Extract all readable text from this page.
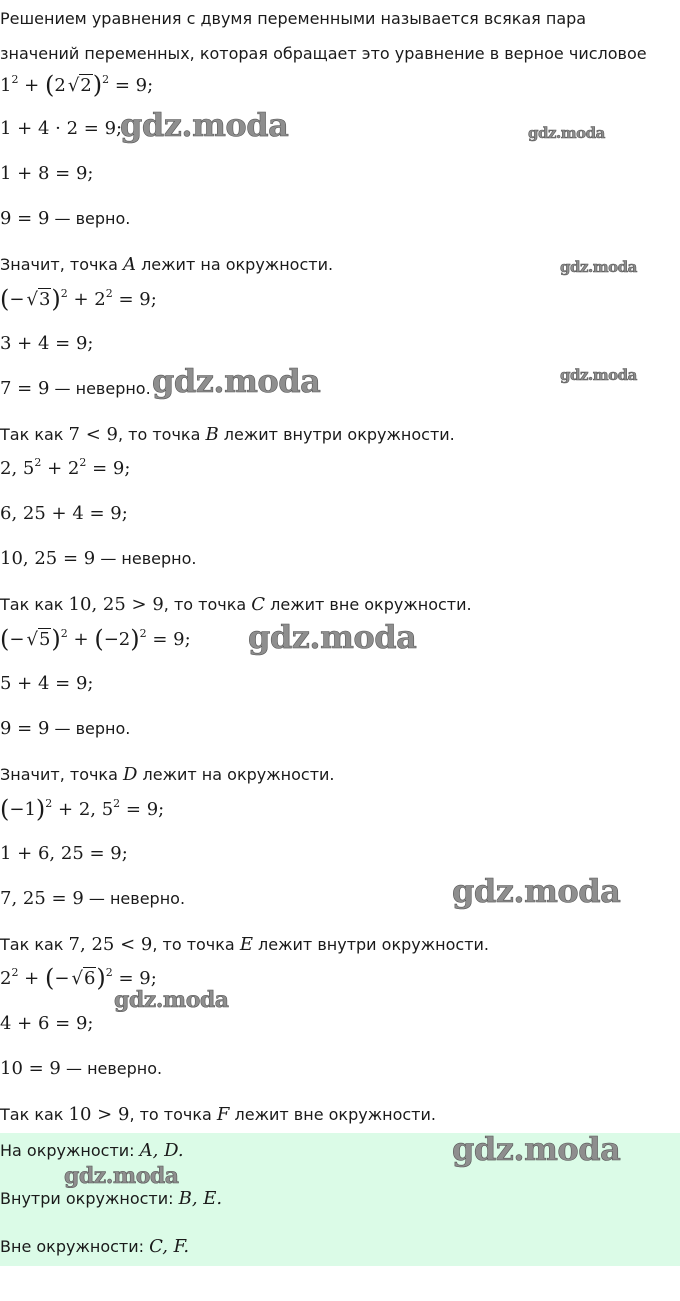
Решением уравнения с двумя переменными называется всякая пара
значений переменных, которая обращает это уравнение в верное числовое
$1^2 + (2$ √2)$^2$ = 9;
1 + 4 · 2 = 9;
1 + 8 = 9;
9 = 9 — верно.
Значит, точка A лежит на окружности.
(− $√3)^2 + 2^2 = 9$;
3 + 4 = 9;
7 = 9 — неверно.
Так как 7 < 9, то точка B лежит внутри окружности.
2, $5^2 + 2^2 = 9$;
6, 25 + 4 = 9;
10, 25 = 9 — неверно.
Так как 10, 25 > 9, то точка C лежит вне окружности.
(− $√5)^2 + (-2)^2 = 9$;
5 + 4 = 9;
9 = 9 — верно.
Значит, точка D лежит на окружности.
$(-1)^2 + 2$, $5^2 = 9$;
1 + 6, 25 = 9;
7, 25 = 9 — неверно.
Так как 7, 25 < 9, то точка E лежит внутри окружности.
$2^2$ + (− √6)$^2$ = 9;
4 + 6 = 9;
10 = 9 — неверно.
Так как 10 > 9, то точка F лежит вне окружности.
На окружности: A, D.
Внутри окружности: B, E.
Вне окружности: C, F.
gdz.moda	gdz.moda
gdz.moda
gdz.moda	gdz.moda
gdz.moda
gdz.moda
gdz.moda
gdz.moda
gdz.moda
